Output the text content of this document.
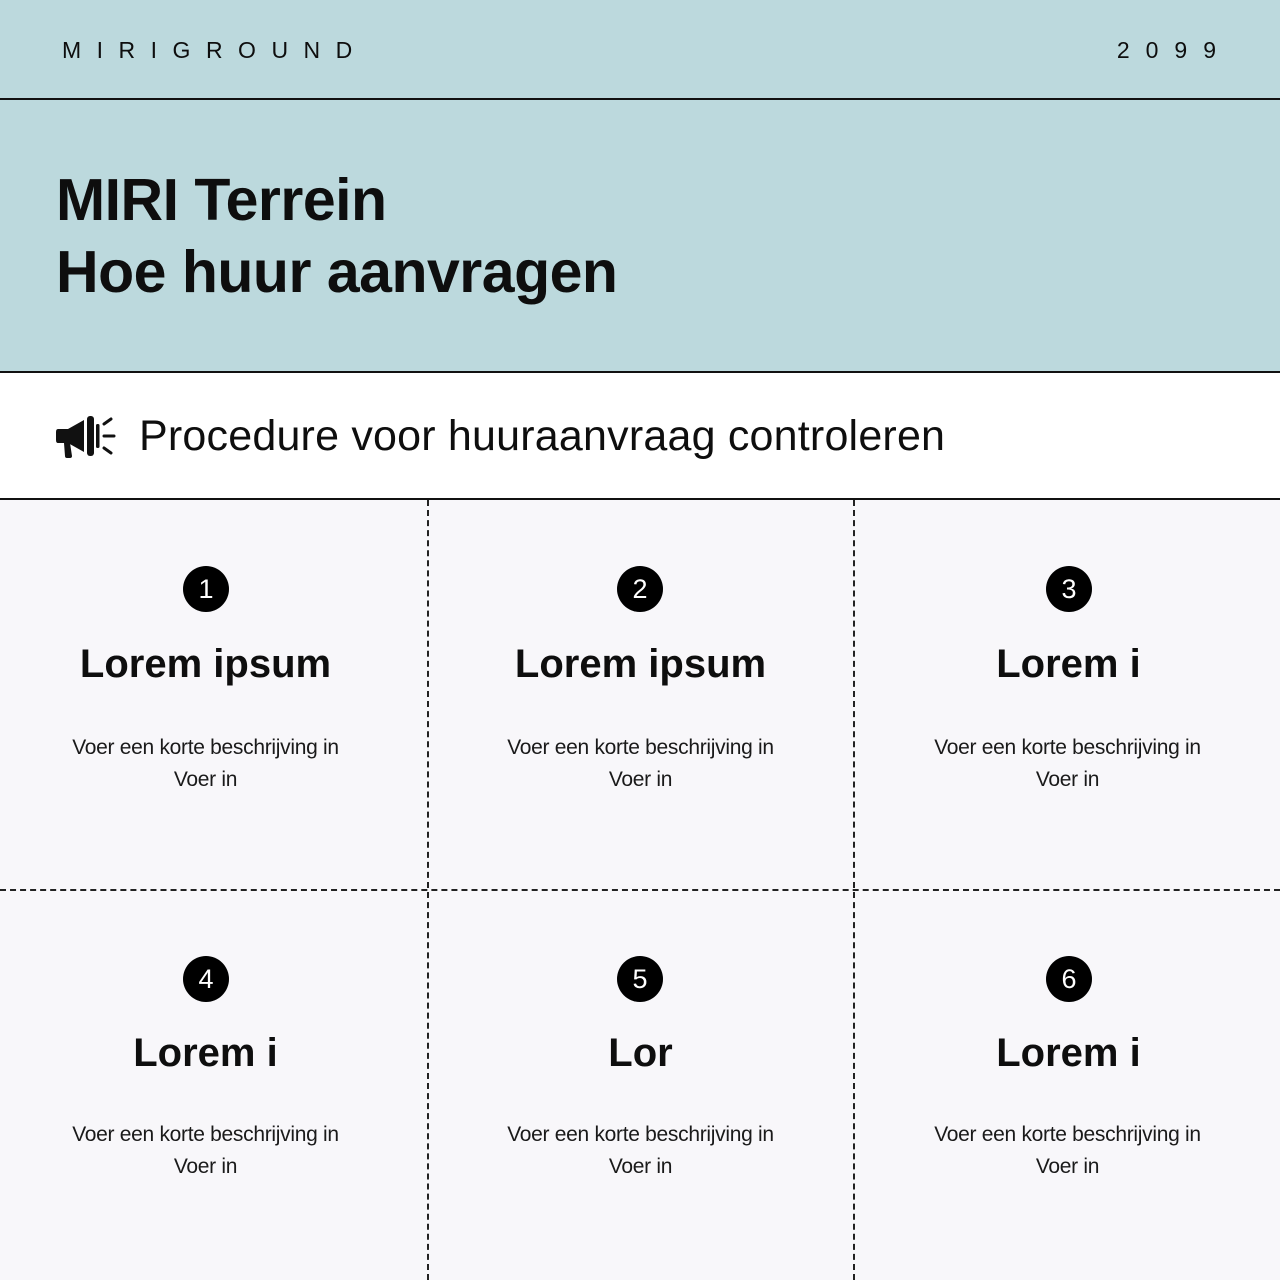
MIRIGROUND	2099
MIRI Terrein
Hoe huur aanvragen
Procedure voor huuraanvraag controleren
1
Lorem ipsum
Voer een korte beschrijving in
Voer in
2
Lorem ipsum
Voer een korte beschrijving in
Voer in
3
Lorem i
Voer een korte beschrijving in
Voer in
4
Lorem i
Voer een korte beschrijving in
Voer in
5
Lor
Voer een korte beschrijving in
Voer in
6
Lorem i
Voer een korte beschrijving in
Voer in
